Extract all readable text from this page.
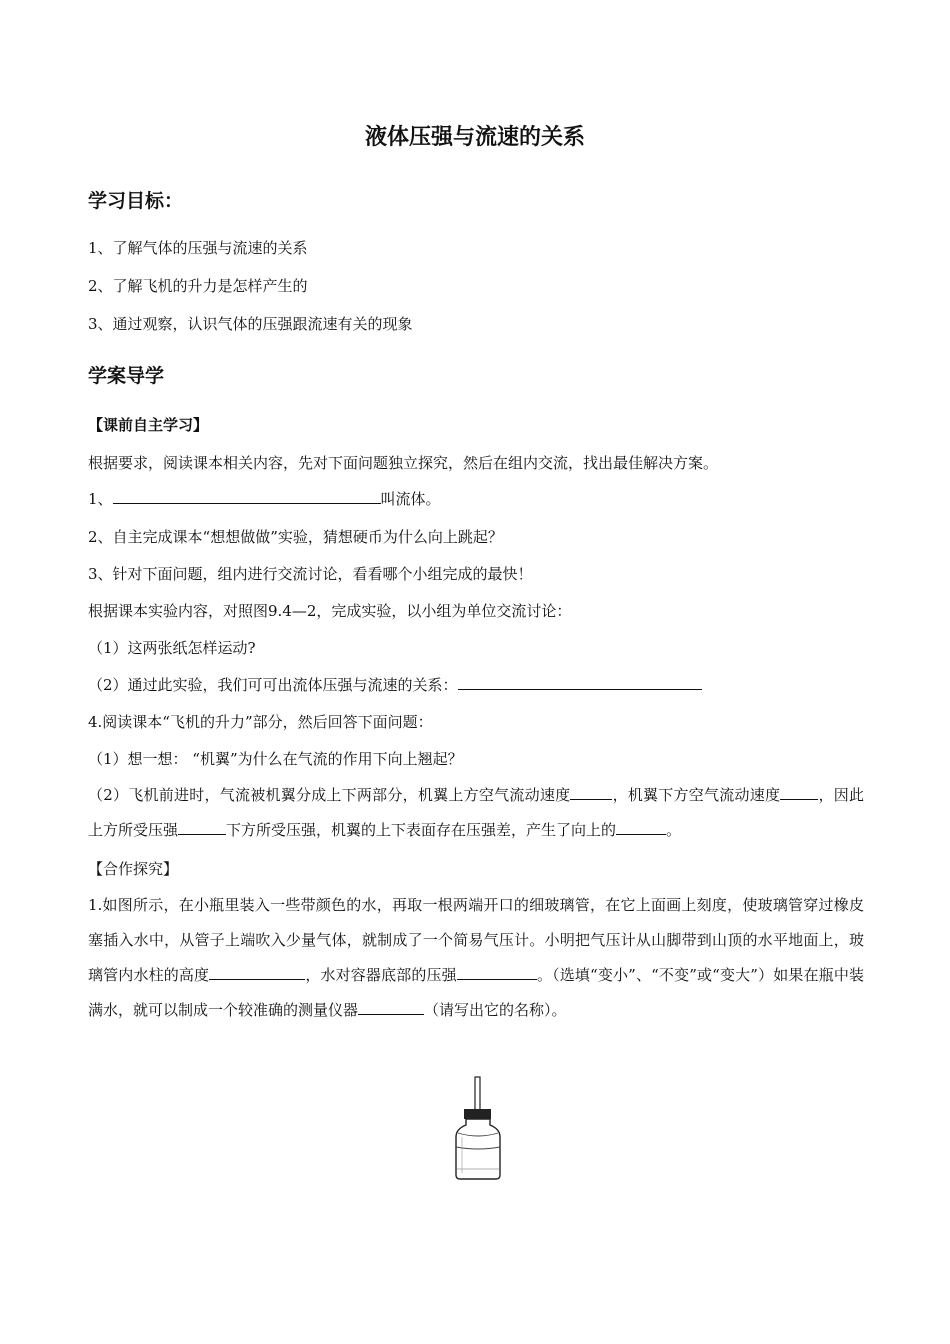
液体压强与流速的关系
学习目标：
1、了解气体的压强与流速的关系
2、了解飞机的升力是怎样产生的
3、通过观察，认识气体的压强跟流速有关的现象
学案导学
【课前自主学习】
根据要求，阅读课本相关内容，先对下面问题独立探究，然后在组内交流，找出最佳解决方案。
1、	叫流体。
2、自主完成课本“想想做做”实验，猜想硬币为什么向上跳起？
3、针对下面问题，组内进行交流讨论，看看哪个小组完成的最快！
根据课本实验内容，对照图9.4—2，完成实验，以小组为单位交流讨论：
（1）这两张纸怎样运动?
（2）通过此实验，我们可可出流体压强与流速的关系：
4.阅读课本“飞机的升力”部分，然后回答下面问题：
（1）想一想： “机翼”为什么在气流的作用下向上翘起？
（2）飞机前进时，气流被机翼分成上下两部分，机翼上方空气流动速度	，机翼下方空气流动速度	，因此上方所受压强	下方所受压强，机翼的上下表面存在压强差，产生了向上的	。
【合作探究】
1.如图所示，在小瓶里装入一些带颜色的水，再取一根两端开口的细玻璃管，在它上面画上刻度，使玻璃管穿过橡皮塞插入水中，从管子上端吹入少量气体，就制成了一个简易气压计。小明把气压计从山脚带到山顶的水平地面上，玻璃管内水柱的高度	，水对容器底部的压强	。（选填“变小”、“不变”或“变大”）如果在瓶中装满水，就可以制成一个较准确的测量仪器	（请写出它的名称）。
